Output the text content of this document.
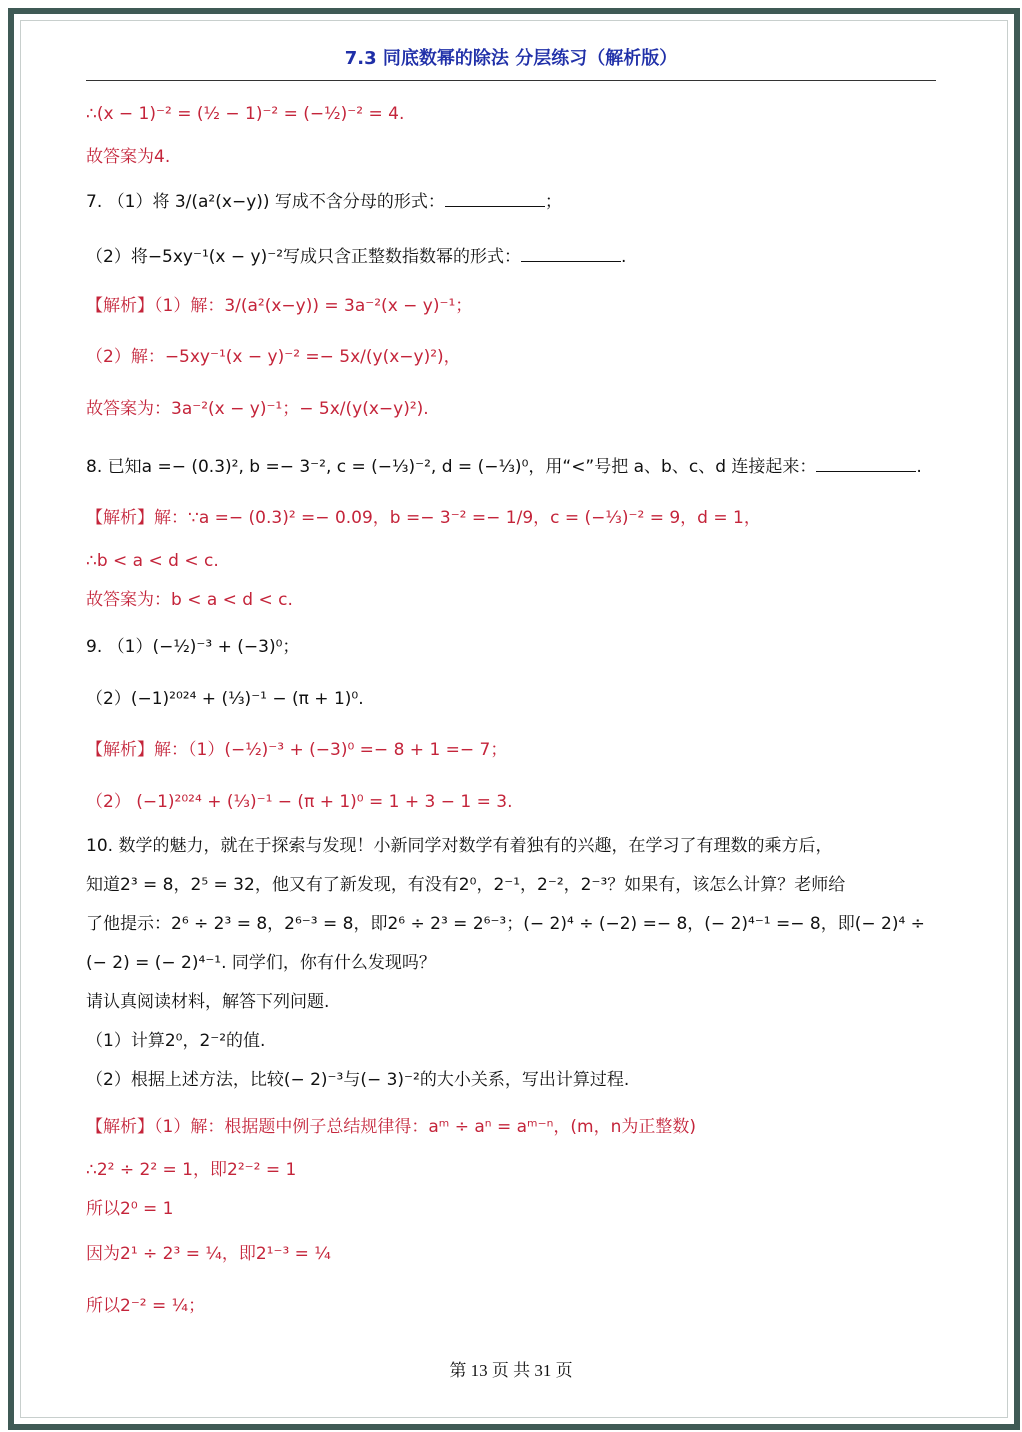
7.3 同底数幂的除法 分层练习（解析版）
∴(x − 1)⁻² = (½ − 1)⁻² = (−½)⁻² = 4.
故答案为4.
7. （1）将 3/(a²(x−y)) 写成不含分母的形式：	；
（2）将−5xy⁻¹(x − y)⁻²写成只含正整数指数幂的形式：	.
【解析】（1）解：3/(a²(x−y)) = 3a⁻²(x − y)⁻¹；
（2）解：−5xy⁻¹(x − y)⁻² =− 5x/(y(x−y)²)，
故答案为：3a⁻²(x − y)⁻¹；− 5x/(y(x−y)²).
8. 已知a =− (0.3)², b =− 3⁻², c = (−⅓)⁻², d = (−⅓)⁰，用“<”号把 a、b、c、d 连接起来：	.
【解析】解：∵a =− (0.3)² =− 0.09，b =− 3⁻² =− 1/9，c = (−⅓)⁻² = 9，d = 1，
∴b < a < d < c.
故答案为：b < a < d < c.
9. （1）(−½)⁻³ + (−3)⁰；
（2）(−1)²⁰²⁴ + (⅓)⁻¹ − (π + 1)⁰.
【解析】解：（1）(−½)⁻³ + (−3)⁰ =− 8 + 1 =− 7；
（2） (−1)²⁰²⁴ + (⅓)⁻¹ − (π + 1)⁰ = 1 + 3 − 1 = 3.
10. 数学的魅力，就在于探索与发现！小新同学对数学有着独有的兴趣，在学习了有理数的乘方后，
知道2³ = 8，2⁵ = 32，他又有了新发现，有没有2⁰，2⁻¹，2⁻²，2⁻³？如果有，该怎么计算？老师给
了他提示：2⁶ ÷ 2³ = 8，2⁶⁻³ = 8，即2⁶ ÷ 2³ = 2⁶⁻³；(− 2)⁴ ÷ (−2) =− 8，(− 2)⁴⁻¹ =− 8，即(− 2)⁴ ÷
(− 2) = (− 2)⁴⁻¹. 同学们，你有什么发现吗？
请认真阅读材料，解答下列问题.
（1）计算2⁰，2⁻²的值.
（2）根据上述方法，比较(− 2)⁻³与(− 3)⁻²的大小关系，写出计算过程.
【解析】（1）解：根据题中例子总结规律得：aᵐ ÷ aⁿ = aᵐ⁻ⁿ，(m，n为正整数)
∴2² ÷ 2² = 1，即2²⁻² = 1
所以2⁰ = 1
因为2¹ ÷ 2³ = ¼，即2¹⁻³ = ¼
所以2⁻² = ¼；
第 13 页 共 31 页
